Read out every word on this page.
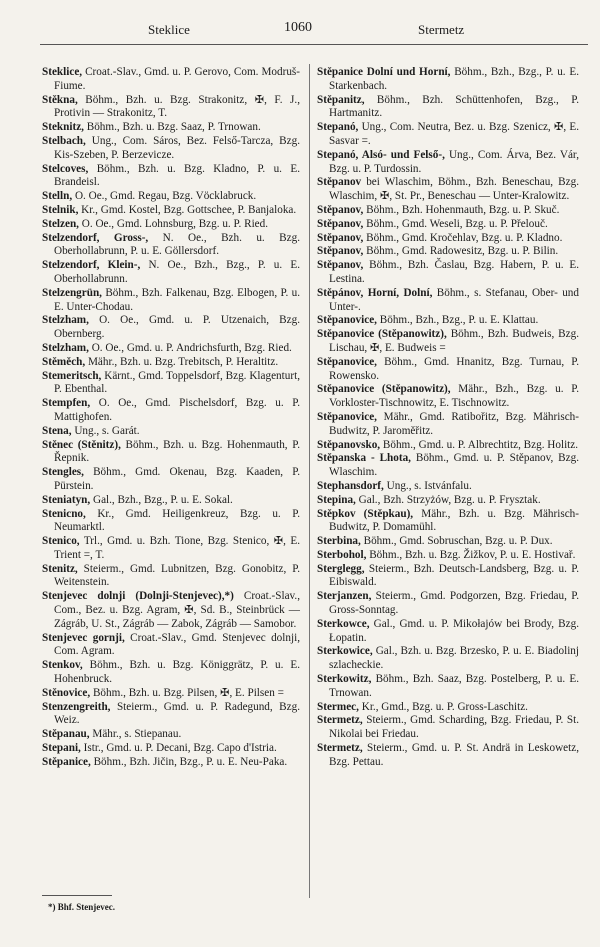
Steklice	1060	Stermetz
Steklice, Croat.-Slav., Gmd. u. P. Gerovo, Com. Modruš-Fiume.
Stěkna, Böhm., Bzh. u. Bzg. Strakonitz, ✠, F. J., Protivin — Strakonitz, T.
Steknitz, Böhm., Bzh. u. Bzg. Saaz, P. Trnowan.
Stelbach, Ung., Com. Sáros, Bez. Felső-Tarcza, Bzg. Kis-Szeben, P. Berzevicze.
Stelcoves, Böhm., Bzh. u. Bzg. Kladno, P. u. E. Brandeisl.
Stelln, O. Oe., Gmd. Regau, Bzg. Vöcklabruck.
Stelnik, Kr., Gmd. Kostel, Bzg. Gottschee, P. Banjaloka.
Stelzen, O. Oe., Gmd. Lohnsburg, Bzg. u. P. Ried.
Stelzendorf, Gross-, N. Oe., Bzh. u. Bzg. Oberhollabrunn, P. u. E. Göllersdorf.
Stelzendorf, Klein-, N. Oe., Bzh., Bzg., P. u. E. Oberhollabrunn.
Stelzengrün, Böhm., Bzh. Falkenau, Bzg. Elbogen, P. u. E. Unter-Chodau.
Stelzham, O. Oe., Gmd. u. P. Utzenaich, Bzg. Obernberg.
Stelzham, O. Oe., Gmd. u. P. Andrichsfurth, Bzg. Ried.
Stěměch, Mähr., Bzh. u. Bzg. Trebitsch, P. Heraltitz.
Stemeritsch, Kärnt., Gmd. Toppelsdorf, Bzg. Klagenturt, P. Ebenthal.
Stempfen, O. Oe., Gmd. Pischelsdorf, Bzg. u. P. Mattighofen.
Stena, Ung., s. Garát.
Stěnec (Stěnitz), Böhm., Bzh. u. Bzg. Hohenmauth, P. Řepnik.
Stengles, Böhm., Gmd. Okenau, Bzg. Kaaden, P. Pürstein.
Steniatyn, Gal., Bzh., Bzg., P. u. E. Sokal.
Stenicno, Kr., Gmd. Heiligenkreuz, Bzg. u. P. Neumarktl.
Stenico, Trl., Gmd. u. Bzh. Tione, Bzg. Stenico, ✠, E. Trient =, T.
Stenitz, Steierm., Gmd. Lubnitzen, Bzg. Gonobitz, P. Weitenstein.
Stenjevec dolnji (Dolnji-Stenjevec),*) Croat.-Slav., Com., Bez. u. Bzg. Agram, ✠, Sd. B., Steinbrück — Zágráb, U. St., Zágráb — Zabok, Zágráb — Samobor.
Stenjevec gornji, Croat.-Slav., Gmd. Stenjevec dolnji, Com. Agram.
Stenkov, Böhm., Bzh. u. Bzg. Königgrätz, P. u. E. Hohenbruck.
Stěnovice, Böhm., Bzh. u. Bzg. Pilsen, ✠, E. Pilsen =
Stenzengreith, Steierm., Gmd. u. P. Radegund, Bzg. Weiz.
Stěpanau, Mähr., s. Stiepanau.
Stepani, Istr., Gmd. u. P. Decani, Bzg. Capo d'Istria.
Stěpanice, Böhm., Bzh. Jičin, Bzg., P. u. E. Neu-Paka.
Stěpanice Dolní und Horní, Böhm., Bzh., Bzg., P. u. E. Starkenbach.
Stěpanitz, Böhm., Bzh. Schüttenhofen, Bzg., P. Hartmanitz.
Stepanó, Ung., Com. Neutra, Bez. u. Bzg. Szenicz, ✠, E. Sasvar =.
Stepanó, Alsó- und Felső-, Ung., Com. Árva, Bez. Vár, Bzg. u. P. Turdossin.
Stěpanov bei Wlaschim, Böhm., Bzh. Beneschau, Bzg. Wlaschim, ✠, St. Pr., Beneschau — Unter-Kralowitz.
Stěpanov, Böhm., Bzh. Hohenmauth, Bzg. u. P. Skuč.
Stěpanov, Böhm., Gmd. Weseli, Bzg. u. P. Přelouč.
Stěpanov, Böhm., Gmd. Kročehlav, Bzg. u. P. Kladno.
Stěpanov, Böhm., Gmd. Radowesitz, Bzg. u. P. Bilin.
Stěpanov, Böhm., Bzh. Časlau, Bzg. Habern, P. u. E. Lestina.
Stěpánov, Horní, Dolní, Böhm., s. Stefanau, Ober- und Unter-.
Stěpanovice, Böhm., Bzh., Bzg., P. u. E. Klattau.
Stěpanovice (Stěpanowitz), Böhm., Bzh. Budweis, Bzg. Lischau, ✠, E. Budweis =
Stěpanovice, Böhm., Gmd. Hnanitz, Bzg. Turnau, P. Rowensko.
Stěpanovice (Stěpanowitz), Mähr., Bzh., Bzg. u. P. Vorkloster-Tischnowitz, E. Tischnowitz.
Stěpanovice, Mähr., Gmd. Ratibořitz, Bzg. Mährisch-Budwitz, P. Jaroměřitz.
Stěpanovsko, Böhm., Gmd. u. P. Albrechtitz, Bzg. Holitz.
Stěpanska - Lhota, Böhm., Gmd. u. P. Stěpanov, Bzg. Wlaschim.
Stephansdorf, Ung., s. Istvánfalu.
Stepina, Gal., Bzh. Strzyżów, Bzg. u. P. Frysztak.
Stěpkov (Stěpkau), Mähr., Bzh. u. Bzg. Mährisch-Budwitz, P. Domamühl.
Sterbina, Böhm., Gmd. Sobruschan, Bzg. u. P. Dux.
Sterbohol, Böhm., Bzh. u. Bzg. Žižkov, P. u. E. Hostivař.
Sterglegg, Steierm., Bzh. Deutsch-Landsberg, Bzg. u. P. Eibiswald.
Sterjanzen, Steierm., Gmd. Podgorzen, Bzg. Friedau, P. Gross-Sonntag.
Sterkowce, Gal., Gmd. u. P. Mikołajów bei Brody, Bzg. Łopatin.
Sterkowice, Gal., Bzh. u. Bzg. Brzesko, P. u. E. Biadolinj szlacheckie.
Sterkowitz, Böhm., Bzh. Saaz, Bzg. Postelberg, P. u. E. Trnowan.
Stermec, Kr., Gmd., Bzg. u. P. Gross-Laschitz.
Stermetz, Steierm., Gmd. Scharding, Bzg. Friedau, P. St. Nikolai bei Friedau.
Stermetz, Steierm., Gmd. u. P. St. Andrä in Leskowetz, Bzg. Pettau.
*) Bhf. Stenjevec.
